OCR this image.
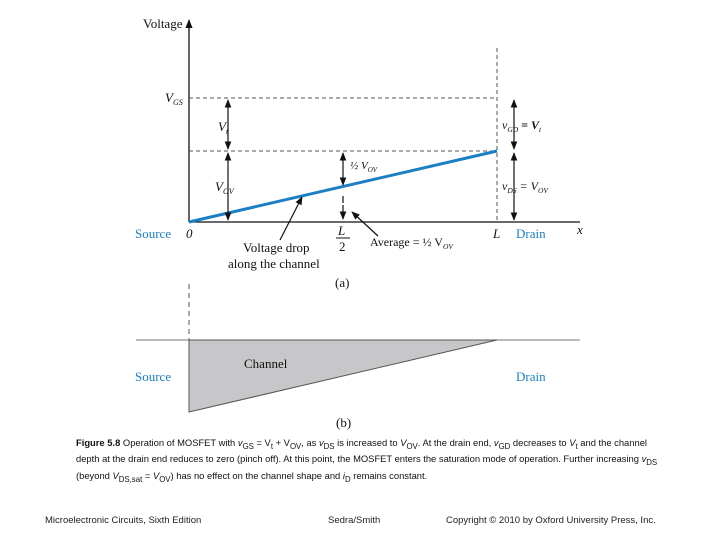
Voltage
x
$V_{GS}$
$V_t$
$V_{OV}$
½ $V_{OV}$
$v_{GD} = V_t$
$v_{DS} = V_{OV}$
Source 0	L
2
L Drain
Voltage drop
along the channel
Average = ½ $V_{OV}$
(a)
Channel
Source	Drain
(b)
Figure 5.8 Operation of MOSFET with $v_{GS} = V_t + V_{OV}$, as $v_{DS}$ is increased to $V_{OV}$. At the drain end, $v_{GD}$ decreases to $V_t$ and the channel
depth at the drain end reduces to zero (pinch off). At this point, the MOSFET enters the saturation mode of operation. Further increasing $v_{DS}$
(beyond $V_{DS,sat} = V_{OV}$) has no effect on the channel shape and $i_D$ remains constant.
Microelectronic Circuits, Sixth Edition	Sedra/Smith	Copyright © 2010 by Oxford University Press, Inc.
